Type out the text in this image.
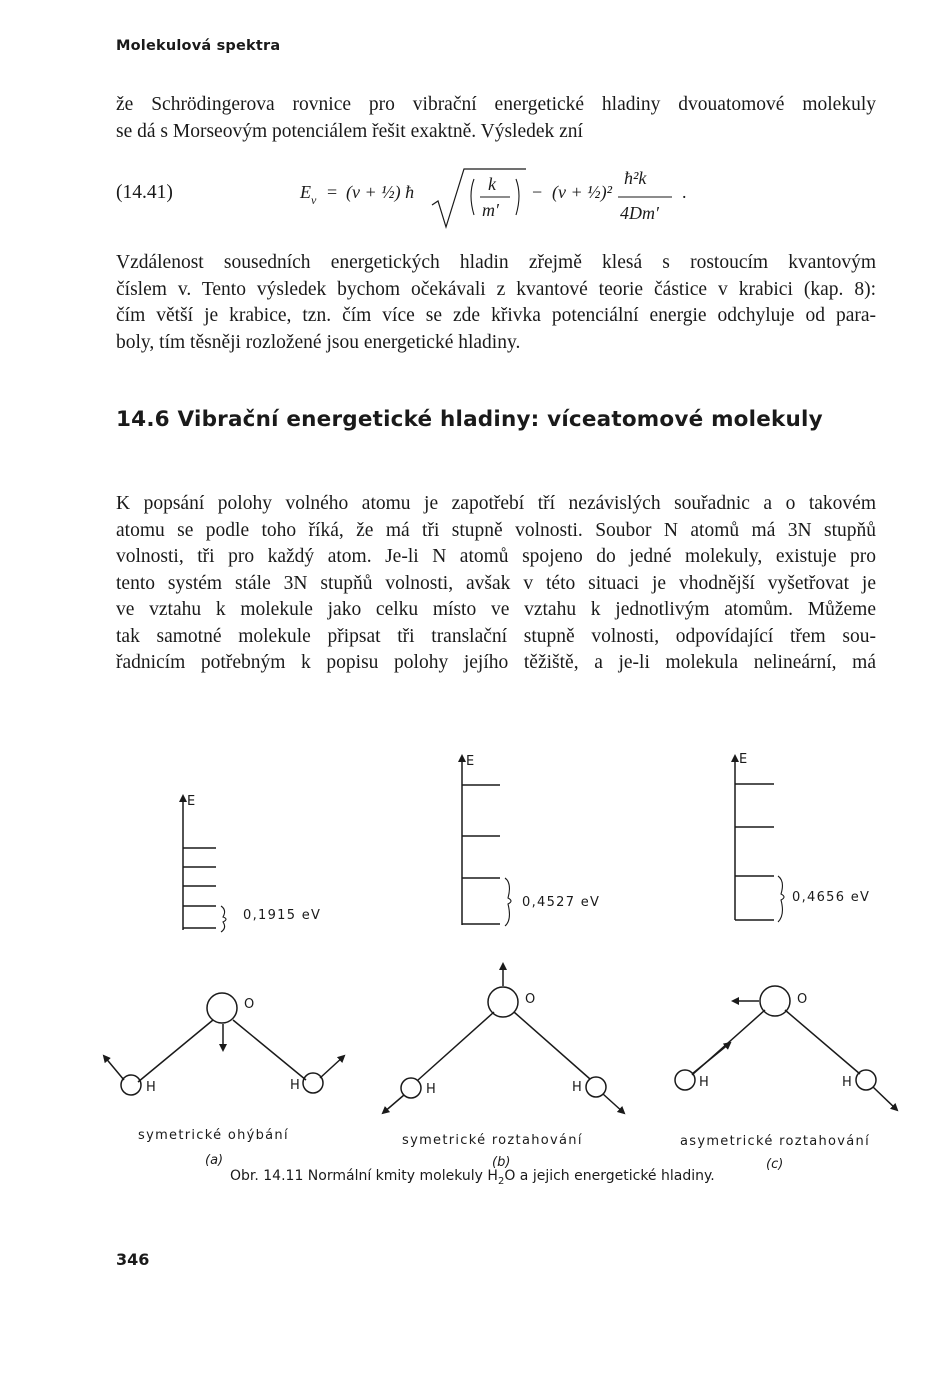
Molekulová spektra
že Schrödingerova rovnice pro vibrační energetické hladiny dvouatomové molekuly
se dá s Morseovým potenciálem řešit exaktně. Výsledek zní
(14.41)	E v = (v + ½) ħ	k
m′
− (v + ½)²
ħ²k
4Dm′
.
Vzdálenost sousedních energetických hladin zřejmě klesá s rostoucím kvantovým
číslem v. Tento výsledek bychom očekávali z kvantové teorie částice v krabici (kap. 8):
čím větší je krabice, tzn. čím více se zde křivka potenciální energie odchyluje od para-
boly, tím těsněji rozložené jsou energetické hladiny.
14.6 Vibrační energetické hladiny: víceatomové molekuly
K popsání polohy volného atomu je zapotřebí tří nezávislých souřadnic a o takovém
atomu se podle toho říká, že má tři stupně volnosti. Soubor N atomů má 3N stupňů
volnosti, tři pro každý atom. Je-li N atomů spojeno do jedné molekuly, existuje pro
tento systém stále 3N stupňů volnosti, avšak v této situaci je vhodnější vyšetřovat je
ve vztahu k molekule jako celku místo ve vztahu k jednotlivým atomům. Můžeme
tak samotné molekule připsat tři translační stupně volnosti, odpovídající třem sou-
řadnicím potřebným k popisu polohy jejího těžiště, a je-li molekula nelineární, má
E
E	E
0,1915 eV
0,4527 eV	0,4656 eV
O
H	H
O
H	H
O
H	H
symetrické ohýbání
(a)
symetrické roztahování
(b)
asymetrické roztahování
(c)
Obr. 14.11 Normální kmity molekuly $H_2O$ a jejich energetické hladiny.
346
